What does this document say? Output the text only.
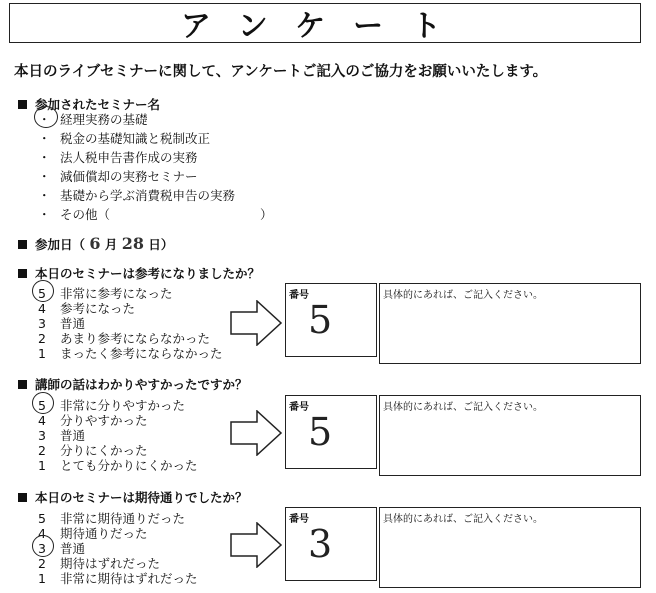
アンケート
本日のライブセミナーに関して、アンケートご記入のご協力をお願いいたします。
参加されたセミナー名
・ 経理実務の基礎
・ 税金の基礎知識と税制改正
・ 法人税申告書作成の実務
・ 減価償却の実務セミナー
・ 基礎から学ぶ消費税申告の実務
・ その他（　　　　　　　　　　　　）
参加日（ 6 月 28 日）
本日のセミナーは参考になりましたか？
5 非常に参考になった
4 参考になった
3 普通
2 あまり参考にならなかった
1 まったく参考にならなかった
番号
5
具体的にあれば、ご記入ください。
講師の話はわかりやすかったですか？
5 非常に分りやすかった
4 分りやすかった
3 普通
2 分りにくかった
1 とても分かりにくかった
番号
5
具体的にあれば、ご記入ください。
本日のセミナーは期待通りでしたか？
5 非常に期待通りだった
4 期待通りだった
3 普通
2 期待はずれだった
1 非常に期待はずれだった
番号
3
具体的にあれば、ご記入ください。
